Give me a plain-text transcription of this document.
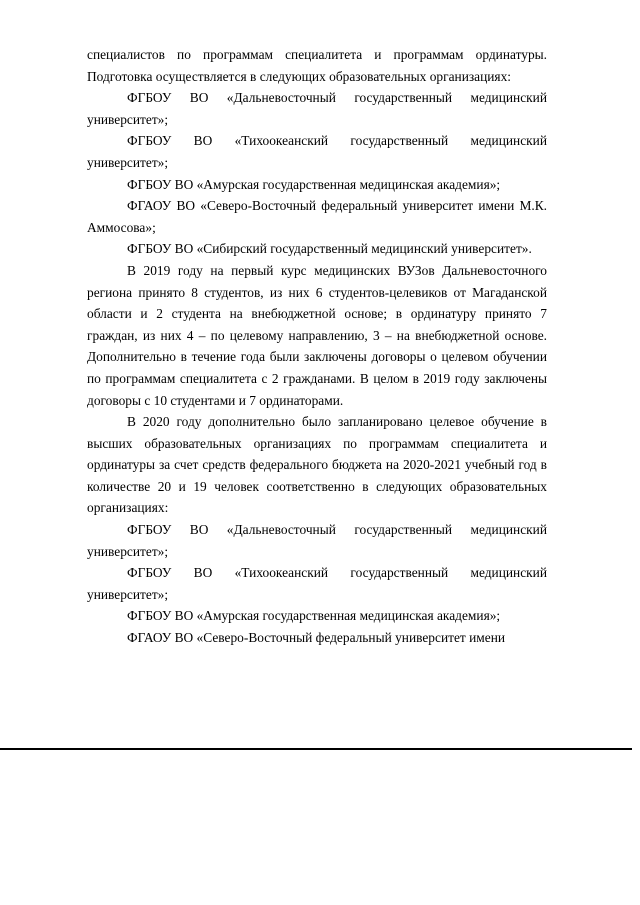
специалистов по программам специалитета и программам ординатуры. Подготовка осуществляется в следующих образовательных организациях:

ФГБОУ ВО «Дальневосточный государственный медицинский университет»;

ФГБОУ ВО «Тихоокеанский государственный медицинский университет»;

ФГБОУ ВО «Амурская государственная медицинская академия»;

ФГАОУ ВО «Северо-Восточный федеральный университет имени М.К. Аммосова»;

ФГБОУ ВО «Сибирский государственный медицинский университет».

В 2019 году на первый курс медицинских ВУЗов Дальневосточного региона принято 8 студентов, из них 6 студентов-целевиков от Магаданской области и 2 студента на внебюджетной основе; в ординатуру принято 7 граждан, из них 4 – по целевому направлению, 3 – на внебюджетной основе. Дополнительно в течение года были заключены договоры о целевом обучении по программам специалитета с 2 гражданами. В целом в 2019 году заключены договоры с 10 студентами и 7 ординаторами.

В 2020 году дополнительно было запланировано целевое обучение в высших образовательных организациях по программам специалитета и ординатуры за счет средств федерального бюджета на 2020-2021 учебный год в количестве 20 и 19 человек соответственно в следующих образовательных организациях:

ФГБОУ ВО «Дальневосточный государственный медицинский университет»;

ФГБОУ ВО «Тихоокеанский государственный медицинский университет»;

ФГБОУ ВО «Амурская государственная медицинская академия»;

ФГАОУ ВО «Северо-Восточный федеральный университет имени
